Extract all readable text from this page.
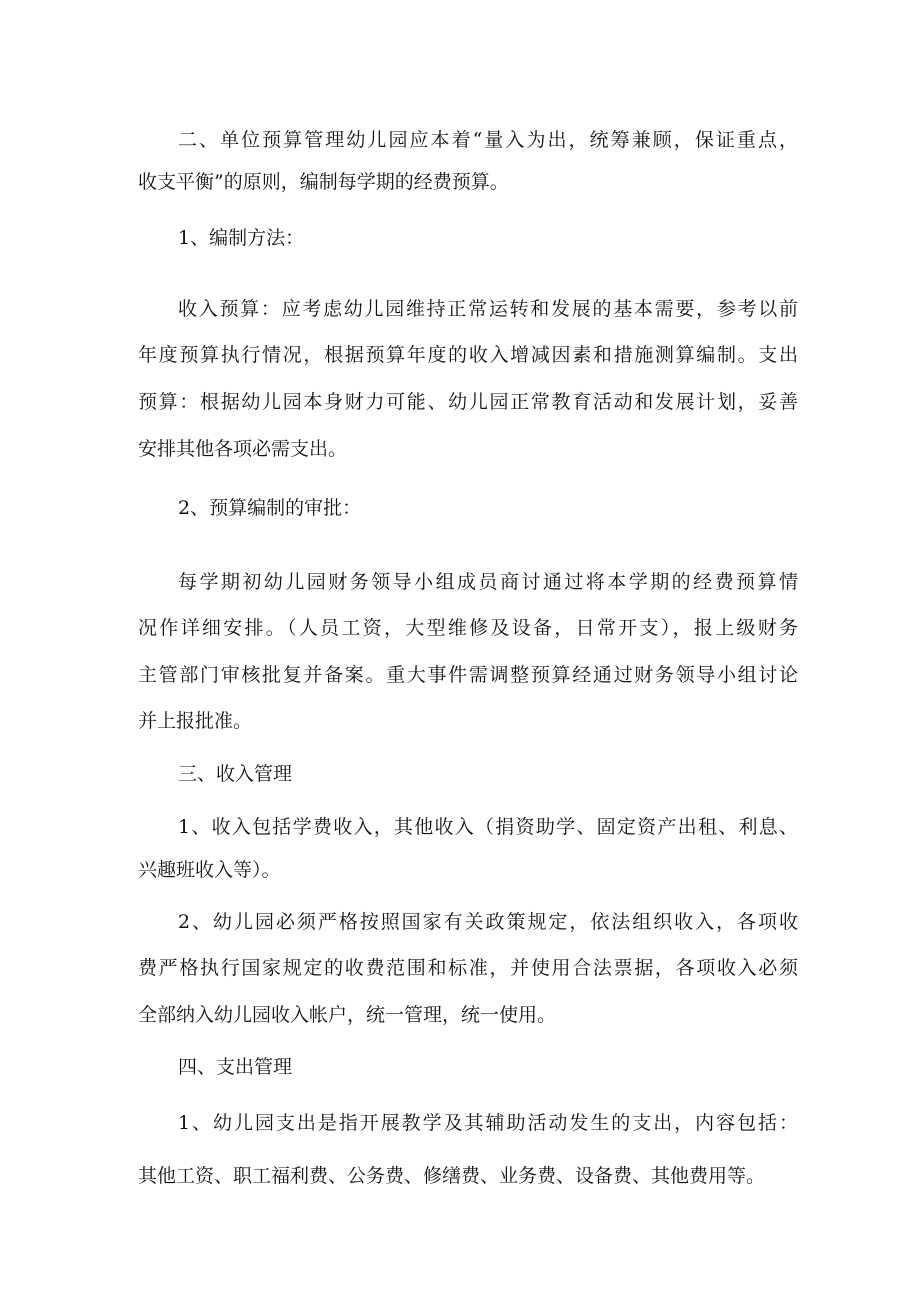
二、单位预算管理幼儿园应本着“量入为出，统筹兼顾，保证重点，

收支平衡”的原则，编制每学期的经费预算。

1、编制方法：

收入预算：应考虑幼儿园维持正常运转和发展的基本需要，参考以前

年度预算执行情况，根据预算年度的收入增减因素和措施测算编制。支出

预算：根据幼儿园本身财力可能、幼儿园正常教育活动和发展计划，妥善

安排其他各项必需支出。

2、预算编制的审批：

每学期初幼儿园财务领导小组成员商讨通过将本学期的经费预算情

况作详细安排。（人员工资，大型维修及设备，日常开支），报上级财务

主管部门审核批复并备案。重大事件需调整预算经通过财务领导小组讨论

并上报批准。

三、收入管理

1、收入包括学费收入，其他收入（捐资助学、固定资产出租、利息、

兴趣班收入等）。

2、幼儿园必须严格按照国家有关政策规定，依法组织收入，各项收

费严格执行国家规定的收费范围和标准，并使用合法票据，各项收入必须

全部纳入幼儿园收入帐户，统一管理，统一使用。

四、支出管理

1、幼儿园支出是指开展教学及其辅助活动发生的支出，内容包括：

其他工资、职工福利费、公务费、修缮费、业务费、设备费、其他费用等。
